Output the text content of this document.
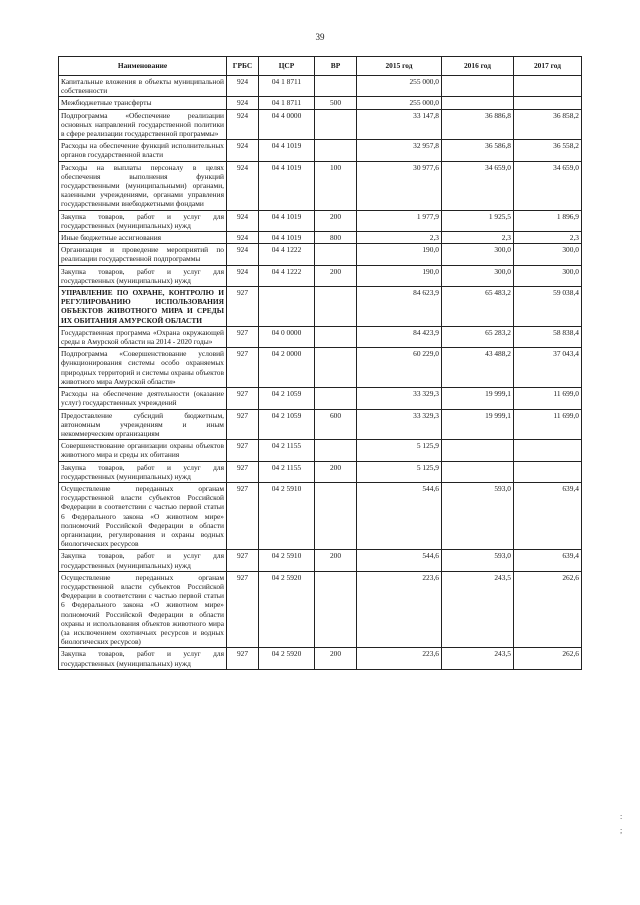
39
Наименование	ГРБС	ЦСР	ВР	2015 год	2016 год	2017 год
Капитальные вложения в объекты муниципальной собственности	924	04 1 8711		255 000,0		
Межбюджетные трансферты	924	04 1 8711	500	255 000,0		
Подпрограмма «Обеспечение реализации основных направлений государственной политики в сфере реализации государственной программы»	924	04 4 0000		33 147,8	36 886,8	36 858,2
Расходы на обеспечение функций исполнительных органов государственной власти	924	04 4 1019		32 957,8	36 586,8	36 558,2
Расходы на выплаты персоналу в целях обеспечения выполнения функций государственными (муниципальными) органами, казенными учреждениями, органами управления государственными внебюджетными фондами	924	04 4 1019	100	30 977,6	34 659,0	34 659,0
Закупка товаров, работ и услуг для государственных (муниципальных) нужд	924	04 4 1019	200	1 977,9	1 925,5	1 896,9
Иные бюджетные ассигнования	924	04 4 1019	800	2,3	2,3	2,3
Организация и проведение мероприятий по реализации государственной подпрограммы	924	04 4 1222		190,0	300,0	300,0
Закупка товаров, работ и услуг для государственных (муниципальных) нужд	924	04 4 1222	200	190,0	300,0	300,0
УПРАВЛЕНИЕ ПО ОХРАНЕ, КОНТРОЛЮ И РЕГУЛИРОВАНИЮ ИСПОЛЬЗОВАНИЯ ОБЪЕКТОВ ЖИВОТНОГО МИРА И СРЕДЫ ИХ ОБИТАНИЯ АМУРСКОЙ ОБЛАСТИ	927			84 623,9	65 483,2	59 038,4
Государственная программа «Охрана окружающей среды в Амурской области на 2014 - 2020 годы»	927	04 0 0000		84 423,9	65 283,2	58 838,4
Подпрограмма «Совершенствование условий функционирования системы особо охраняемых природных территорий и системы охраны объектов животного мира Амурской области»	927	04 2 0000		60 229,0	43 488,2	37 043,4
Расходы на обеспечение деятельности (оказание услуг) государственных учреждений	927	04 2 1059		33 329,3	19 999,1	11 699,0
Предоставление субсидий бюджетным, автономным учреждениям и иным некоммерческим организациям	927	04 2 1059	600	33 329,3	19 999,1	11 699,0
Совершенствование организации охраны объектов животного мира и среды их обитания	927	04 2 1155		5 125,9		
Закупка товаров, работ и услуг для государственных (муниципальных) нужд	927	04 2 1155	200	5 125,9		
Осуществление переданных органам государственной власти субъектов Российской Федерации в соответствии с частью первой статьи 6 Федерального закона «О животном мире» полномочий Российской Федерации в области организации, регулирования и охраны водных биологических ресурсов	927	04 2 5910		544,6	593,0	639,4
Закупка товаров, работ и услуг для государственных (муниципальных) нужд	927	04 2 5910	200	544,6	593,0	639,4
Осуществление переданных органам государственной власти субъектов Российской Федерации в соответствии с частью первой статьи 6 Федерального закона «О животном мире» полномочий Российской Федерации в области охраны и использования объектов животного мира (за исключением охотничьих ресурсов и водных биологических ресурсов)	927	04 2 5920		223,6	243,5	262,6
Закупка товаров, работ и услуг для государственных (муниципальных) нужд	927	04 2 5920	200	223,6	243,5	262,6
:
;
